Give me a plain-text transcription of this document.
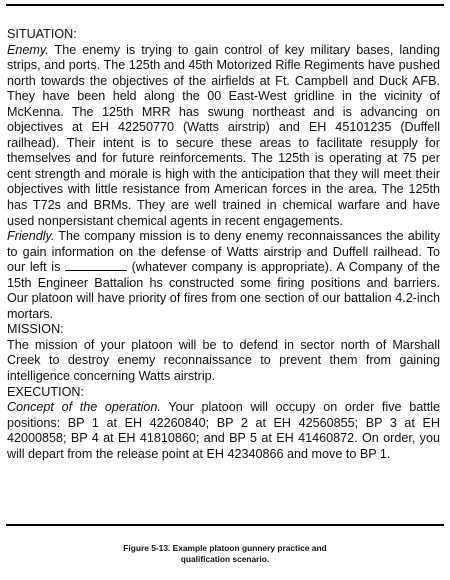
SITUATION:

Enemy. The enemy is trying to gain control of key military bases, landing strips, and ports. The 125th and 45th Motorized Rifle Regiments have pushed north towards the objectives of the airfields at Ft. Campbell and Duck AFB. They have been held along the 00 East-West gridline in the vicinity of McKenna. The 125th MRR has swung northeast and is advancing on objectives at EH 42250770 (Watts airstrip) and EH 45101235 (Duffell railhead). Their intent is to secure these areas to facilitate resupply for themselves and for future reinforcements. The 125th is operating at 75 per cent strength and morale is high with the anticipation that they will meet their objectives with little resistance from American forces in the area. The 125th has T72s and BRMs. They are well trained in chemical warfare and have used nonpersistant chemical agents in recent engagements.

Friendly. The company mission is to deny enemy reconnaissances the ability to gain information on the defense of Watts airstrip and Duffell railhead. To our left is	(whatever company is appropriate). A Company of the 15th Engineer Battalion hs constructed some firing positions and barriers. Our platoon will have priority of fires from one section of our battalion 4.2-inch mortars.

MISSION:

The mission of your platoon will be to defend in sector north of Marshall Creek to destroy enemy reconnaissance to prevent them from gaining intelligence concerning Watts airstrip.

EXECUTION:

Concept of the operation. Your platoon will occupy on order five battle positions: BP 1 at EH 42260840; BP 2 at EH 42560855; BP 3 at EH 42000858; BP 4 at EH 41810860; and BP 5 at EH 41460872. On order, you will depart from the release point at EH 42340866 and move to BP 1.

Figure 5-13. Example platoon gunnery practice and
qualification scenario.
